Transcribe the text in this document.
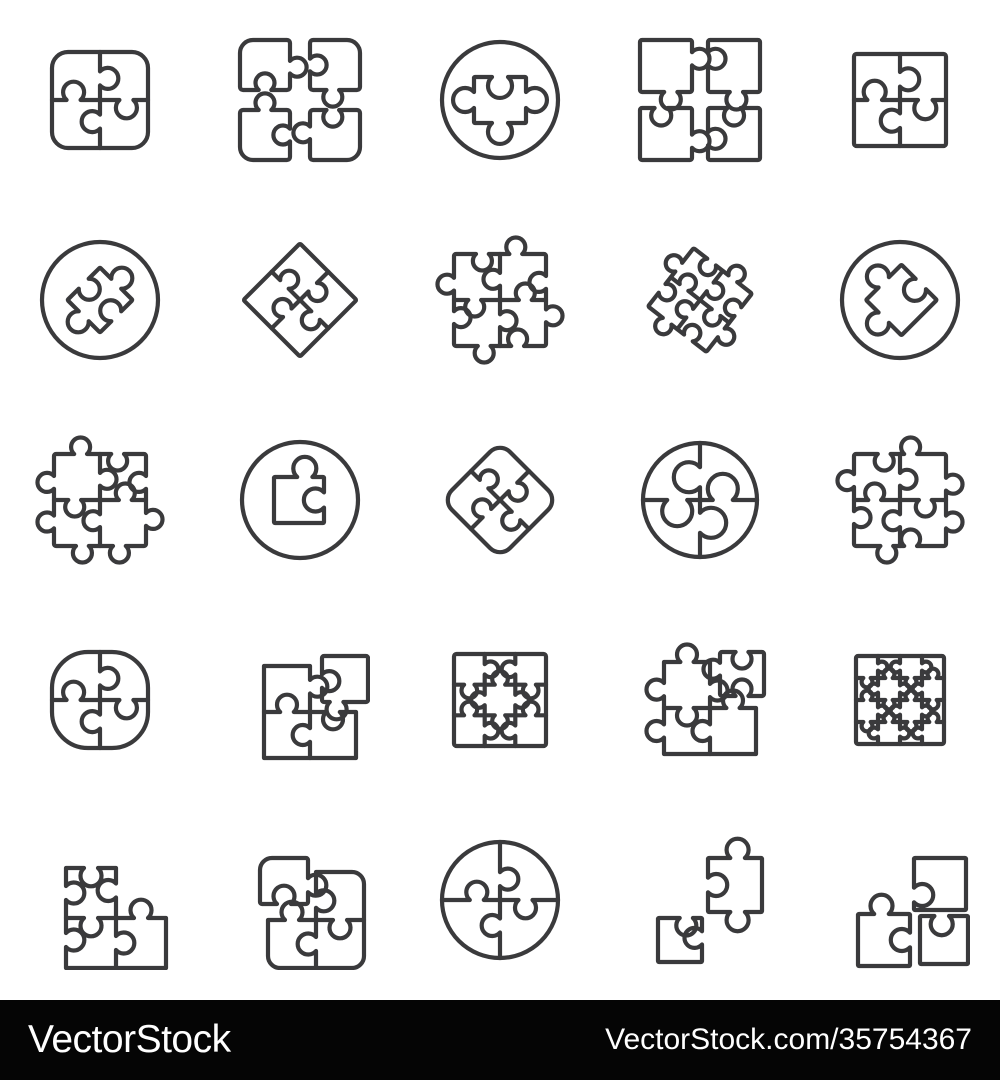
VectorStock	VectorStock.com/35754367
